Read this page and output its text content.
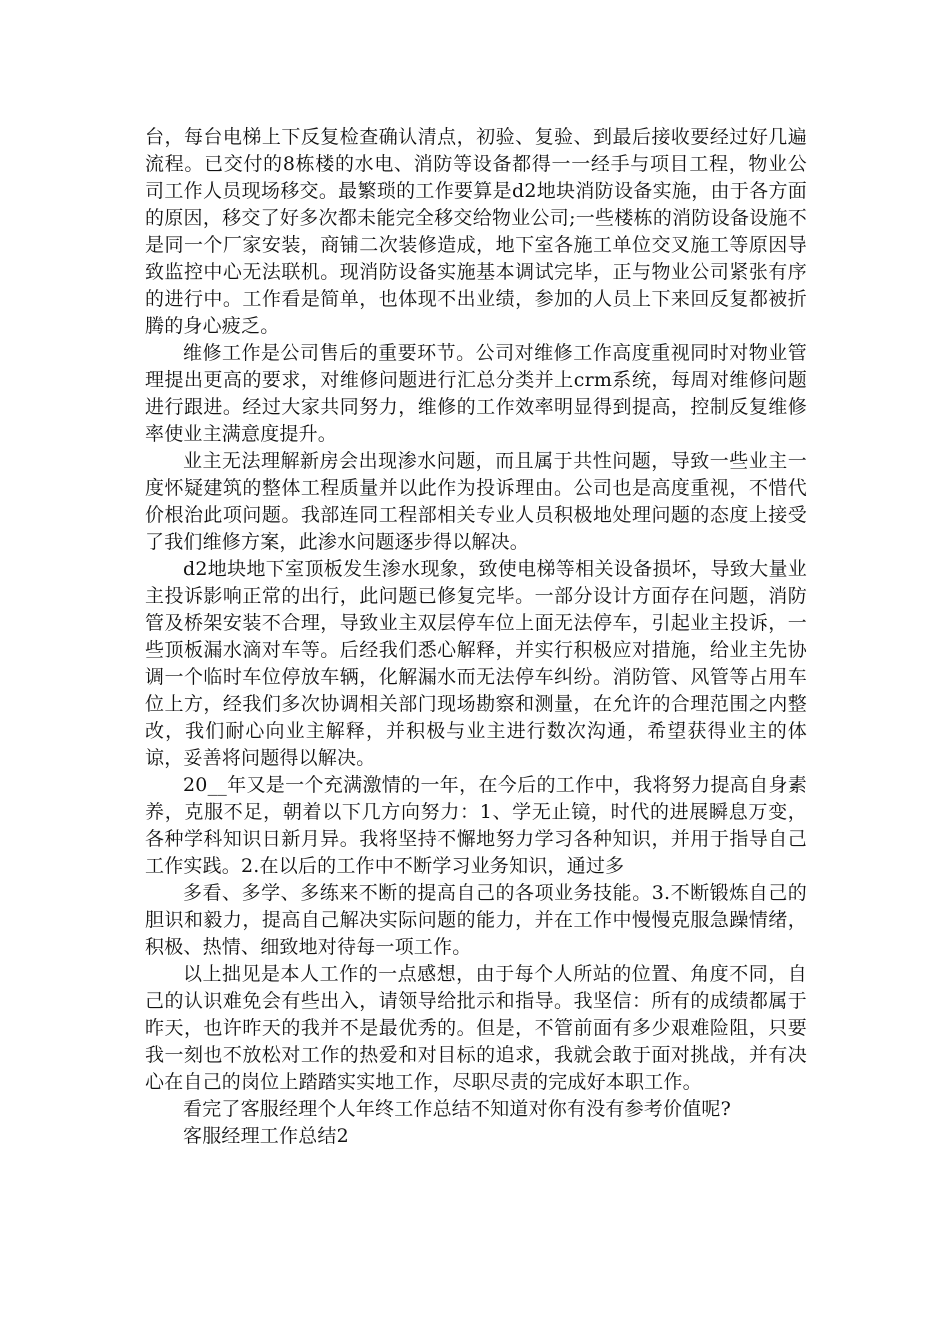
台，每台电梯上下反复检查确认清点，初验、复验、到最后接收要经过好几遍流程。已交付的8栋楼的水电、消防等设备都得一一经手与项目工程，物业公司工作人员现场移交。最繁琐的工作要算是d2地块消防设备实施，由于各方面的原因，移交了好多次都未能完全移交给物业公司;一些楼栋的消防设备设施不是同一个厂家安装，商铺二次装修造成，地下室各施工单位交叉施工等原因导致监控中心无法联机。现消防设备实施基本调试完毕，正与物业公司紧张有序的进行中。工作看是简单，也体现不出业绩，参加的人员上下来回反复都被折腾的身心疲乏。

维修工作是公司售后的重要环节。公司对维修工作高度重视同时对物业管理提出更高的要求，对维修问题进行汇总分类并上crm系统，每周对维修问题进行跟进。经过大家共同努力，维修的工作效率明显得到提高，控制反复维修率使业主满意度提升。

业主无法理解新房会出现渗水问题，而且属于共性问题，导致一些业主一度怀疑建筑的整体工程质量并以此作为投诉理由。公司也是高度重视，不惜代价根治此项问题。我部连同工程部相关专业人员积极地处理问题的态度上接受了我们维修方案，此渗水问题逐步得以解决。

d2地块地下室顶板发生渗水现象，致使电梯等相关设备损坏，导致大量业主投诉影响正常的出行，此问题已修复完毕。一部分设计方面存在问题，消防管及桥架安装不合理，导致业主双层停车位上面无法停车，引起业主投诉，一些顶板漏水滴对车等。后经我们悉心解释，并实行积极应对措施，给业主先协调一个临时车位停放车辆，化解漏水而无法停车纠纷。消防管、风管等占用车位上方，经我们多次协调相关部门现场勘察和测量，在允许的合理范围之内整改，我们耐心向业主解释，并积极与业主进行数次沟通，希望获得业主的体谅，妥善将问题得以解决。

20__年又是一个充满激情的一年，在今后的工作中，我将努力提高自身素养，克服不足，朝着以下几方向努力：1、学无止镜，时代的进展瞬息万变，各种学科知识日新月异。我将坚持不懈地努力学习各种知识，并用于指导自己工作实践。2.在以后的工作中不断学习业务知识，通过多

多看、多学、多练来不断的提高自己的各项业务技能。3.不断锻炼自己的胆识和毅力，提高自己解决实际问题的能力，并在工作中慢慢克服急躁情绪，积极、热情、细致地对待每一项工作。

以上拙见是本人工作的一点感想，由于每个人所站的位置、角度不同，自己的认识难免会有些出入，请领导给批示和指导。我坚信：所有的成绩都属于昨天，也许昨天的我并不是最优秀的。但是，不管前面有多少艰难险阻，只要我一刻也不放松对工作的热爱和对目标的追求，我就会敢于面对挑战，并有决心在自己的岗位上踏踏实实地工作，尽职尽责的完成好本职工作。

看完了客服经理个人年终工作总结不知道对你有没有参考价值呢?

客服经理工作总结2
